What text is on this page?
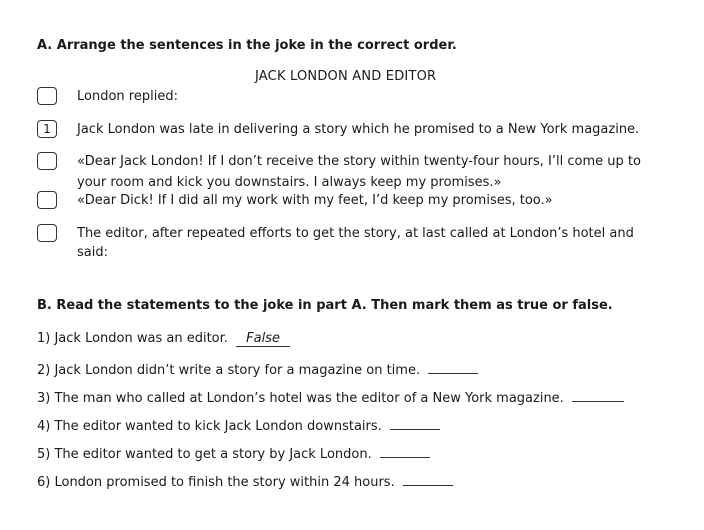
A. Arrange the sentences in the joke in the correct order.
JACK LONDON AND EDITOR
London replied:
1	Jack London was late in delivering a story which he promised to a New York magazine.
«Dear Jack London! If I don’t receive the story within twenty-four hours, I’ll come up to
your room and kick you downstairs. I always keep my promises.»
«Dear Dick! If I did all my work with my feet, I’d keep my promises, too.»
The editor, after repeated efforts to get the story, at last called at London’s hotel and
said:
B. Read the statements to the joke in part A. Then mark them as true or false.
1) Jack London was an editor. False
2) Jack London didn’t write a story for a magazine on time.
3) The man who called at London’s hotel was the editor of a New York magazine.
4) The editor wanted to kick Jack London downstairs.
5) The editor wanted to get a story by Jack London.
6) London promised to finish the story within 24 hours.
